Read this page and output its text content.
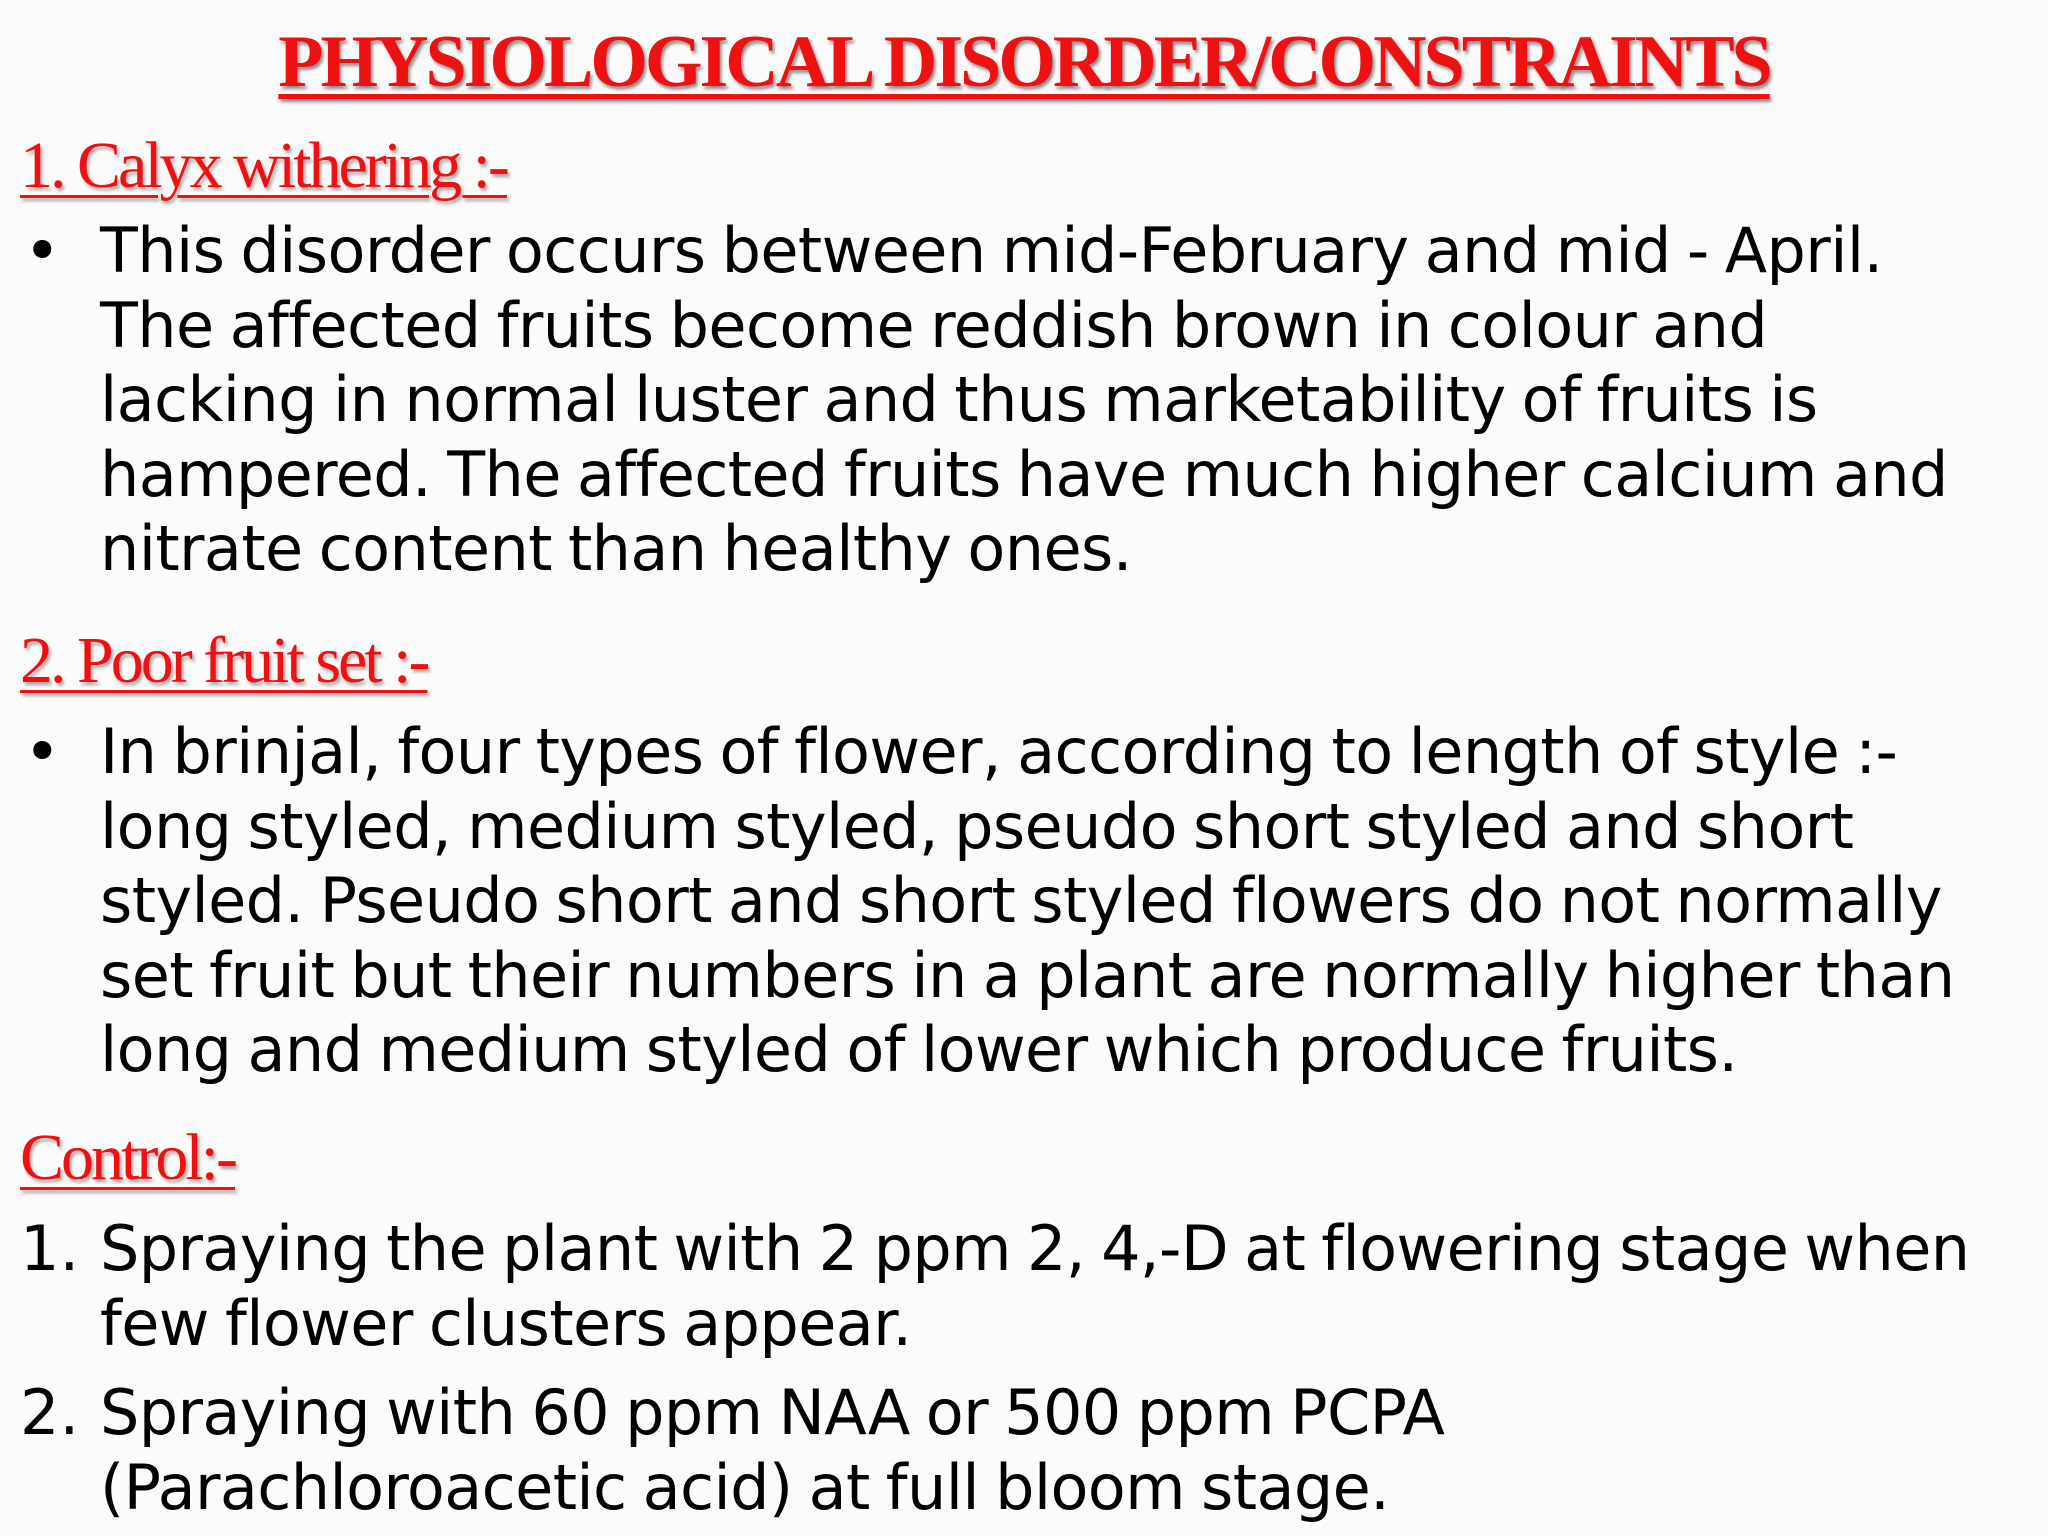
PHYSIOLOGICAL DISORDER/CONSTRAINTS
1. Calyx withering :-
• This disorder occurs between mid-February and mid - April.
The affected fruits become reddish brown in colour and
lacking in normal luster and thus marketability of fruits is
hampered. The affected fruits have much higher calcium and
nitrate content than healthy ones.
2. Poor fruit set :-
• In brinjal, four types of flower, according to length of style :-
long styled, medium styled, pseudo short styled and short
styled. Pseudo short and short styled flowers do not normally
set fruit but their numbers in a plant are normally higher than
long and medium styled of lower which produce fruits.
Control:-
1. Spraying the plant with 2 ppm 2, 4,-D at flowering stage when
few flower clusters appear.
2. Spraying with 60 ppm NAA or 500 ppm PCPA
(Parachloroacetic acid) at full bloom stage.
